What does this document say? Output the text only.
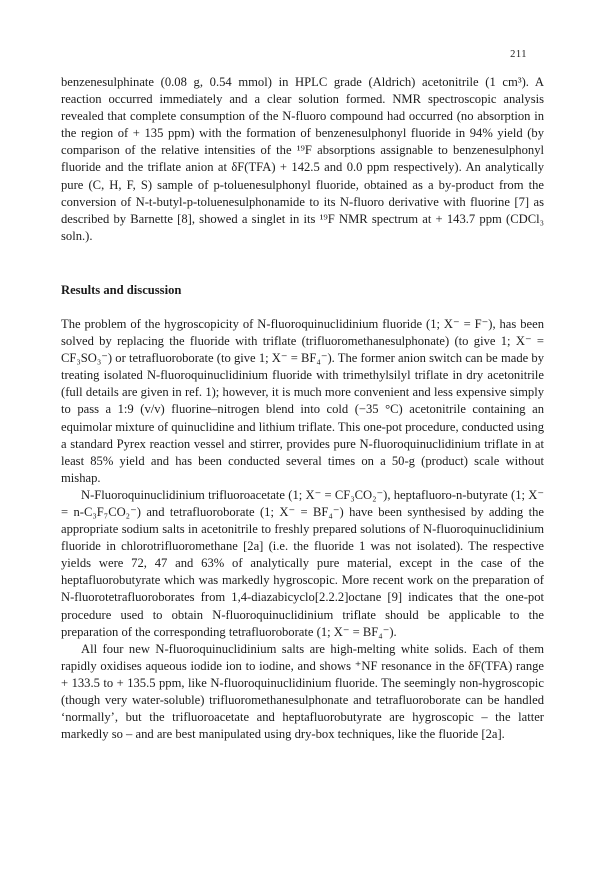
211

benzenesulphinate (0.08 g, 0.54 mmol) in HPLC grade (Aldrich) acetonitrile (1 cm³). A reaction occurred immediately and a clear solution formed. NMR spectroscopic analysis revealed that complete consumption of the N-fluoro compound had occurred (no absorption in the region of + 135 ppm) with the formation of benzenesulphonyl fluoride in 94% yield (by comparison of the relative intensities of the ¹⁹F absorptions assignable to benzenesulphonyl fluoride and the triflate anion at δF(TFA) + 142.5 and 0.0 ppm respectively). An analytically pure (C, H, F, S) sample of p-toluenesulphonyl fluoride, obtained as a by-product from the conversion of N-t-butyl-p-toluenesulphonamide to its N-fluoro derivative with fluorine [7] as described by Barnette [8], showed a singlet in its ¹⁹F NMR spectrum at + 143.7 ppm (CDCl₃ soln.).

Results and discussion

The problem of the hygroscopicity of N-fluoroquinuclidinium fluoride (1; X⁻ = F⁻), has been solved by replacing the fluoride with triflate (trifluoromethanesulphonate) (to give 1; X⁻ = CF₃SO₃⁻) or tetrafluoroborate (to give 1; X⁻ = BF₄⁻). The former anion switch can be made by treating isolated N-fluoroquinuclidinium fluoride with trimethylsilyl triflate in dry acetonitrile (full details are given in ref. 1); however, it is much more convenient and less expensive simply to pass a 1:9 (v/v) fluorine–nitrogen blend into cold (−35 °C) acetonitrile containing an equimolar mixture of quinuclidine and lithium triflate. This one-pot procedure, conducted using a standard Pyrex reaction vessel and stirrer, provides pure N-fluoroquinuclidinium triflate in at least 85% yield and has been conducted several times on a 50-g (product) scale without mishap.

N-Fluoroquinuclidinium trifluoroacetate (1; X⁻ = CF₃CO₂⁻), heptafluoro-n-butyrate (1; X⁻ = n-C₃F₇CO₂⁻) and tetrafluoroborate (1; X⁻ = BF₄⁻) have been synthesised by adding the appropriate sodium salts in acetonitrile to freshly prepared solutions of N-fluoroquinuclidinium fluoride in chlorotrifluoromethane [2a] (i.e. the fluoride 1 was not isolated). The respective yields were 72, 47 and 63% of analytically pure material, except in the case of the heptafluorobutyrate which was markedly hygroscopic. More recent work on the preparation of N-fluorotetrafluoroborates from 1,4-diazabicyclo[2.2.2]octane [9] indicates that the one-pot procedure used to obtain N-fluoroquinuclidinium triflate should be applicable to the preparation of the corresponding tetrafluoroborate (1; X⁻ = BF₄⁻).

All four new N-fluoroquinuclidinium salts are high-melting white solids. Each of them rapidly oxidises aqueous iodide ion to iodine, and shows ⁺NF resonance in the δF(TFA) range + 133.5 to + 135.5 ppm, like N-fluoroquinuclidinium fluoride. The seemingly non-hygroscopic (though very water-soluble) trifluoromethanesulphonate and tetrafluoroborate can be handled ‘normally’, but the trifluoroacetate and heptafluorobutyrate are hygroscopic – the latter markedly so – and are best manipulated using dry-box techniques, like the fluoride [2a].
